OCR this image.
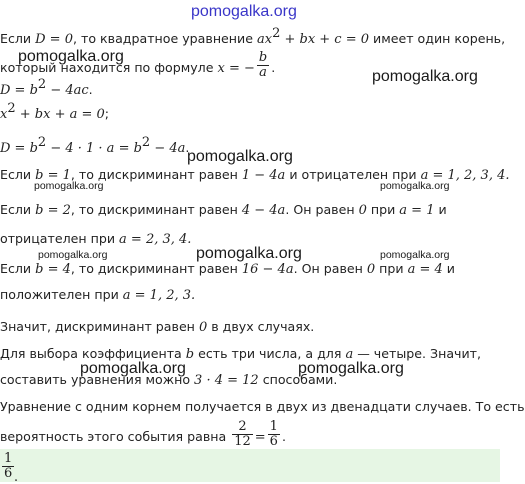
pomogalka.org
pomogalka.org
pomogalka.org
pomogalka.org
pomogalka.org	pomogalka.org
pomogalka.org
pomogalka.org	pomogalka.org
pomogalka.org	pomogalka.org
Если D = 0, то квадратное уравнение $ax^2$ + bx + c = 0 имеет один корень,
который находится по формуле x = − $\frac{b}{a}$ .
$D = b^2 - 4ac$.
$x^2$ + bx + a = 0;
$D = b^2 - 4 \cdot 1 \cdot a = b^2 - 4a$.
Если b = 1, то дискриминант равен 1 − 4a и отрицателен при a = 1, 2, 3, 4.
Если b = 2, то дискриминант равен 4 − 4a. Он равен 0 при a = 1 и
отрицателен при a = 2, 3, 4.
Если b = 4, то дискриминант равен 16 − 4a. Он равен 0 при a = 4 и
положителен при a = 1, 2, 3.
Значит, дискриминант равен 0 в двух случаях.
Для выбора коэффициента b есть три числа, а для a — четыре. Значит,
составить уравнения можно 3 · 4 = 12 способами.
Уравнение с одним корнем получается в двух из двенадцати случаев. То есть
вероятность этого события равна $\frac{2}{12} = \frac{1}{6}$ .
$\frac{1}{6}$ .
